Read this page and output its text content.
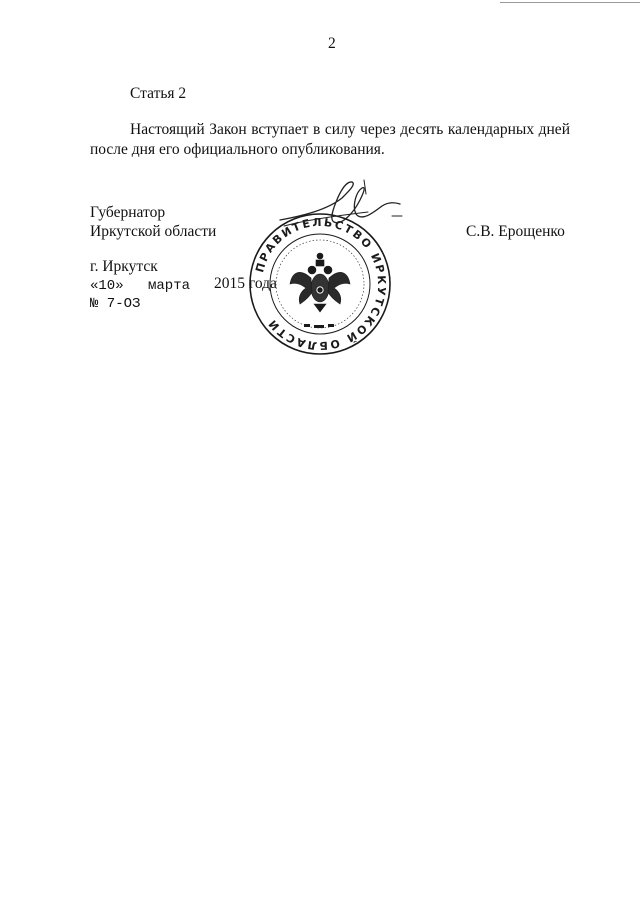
2
Статья 2
Настоящий Закон вступает в силу через десять календарных дней после дня его официального опубликования.
Губернатор
Иркутской области	С.В. Ерощенко
г. Иркутск
«10» марта 2015 года
№ 7-ОЗ
ПРАВИТЕЛЬСТВО ИРКУТСКОЙ ОБЛАСТИ
